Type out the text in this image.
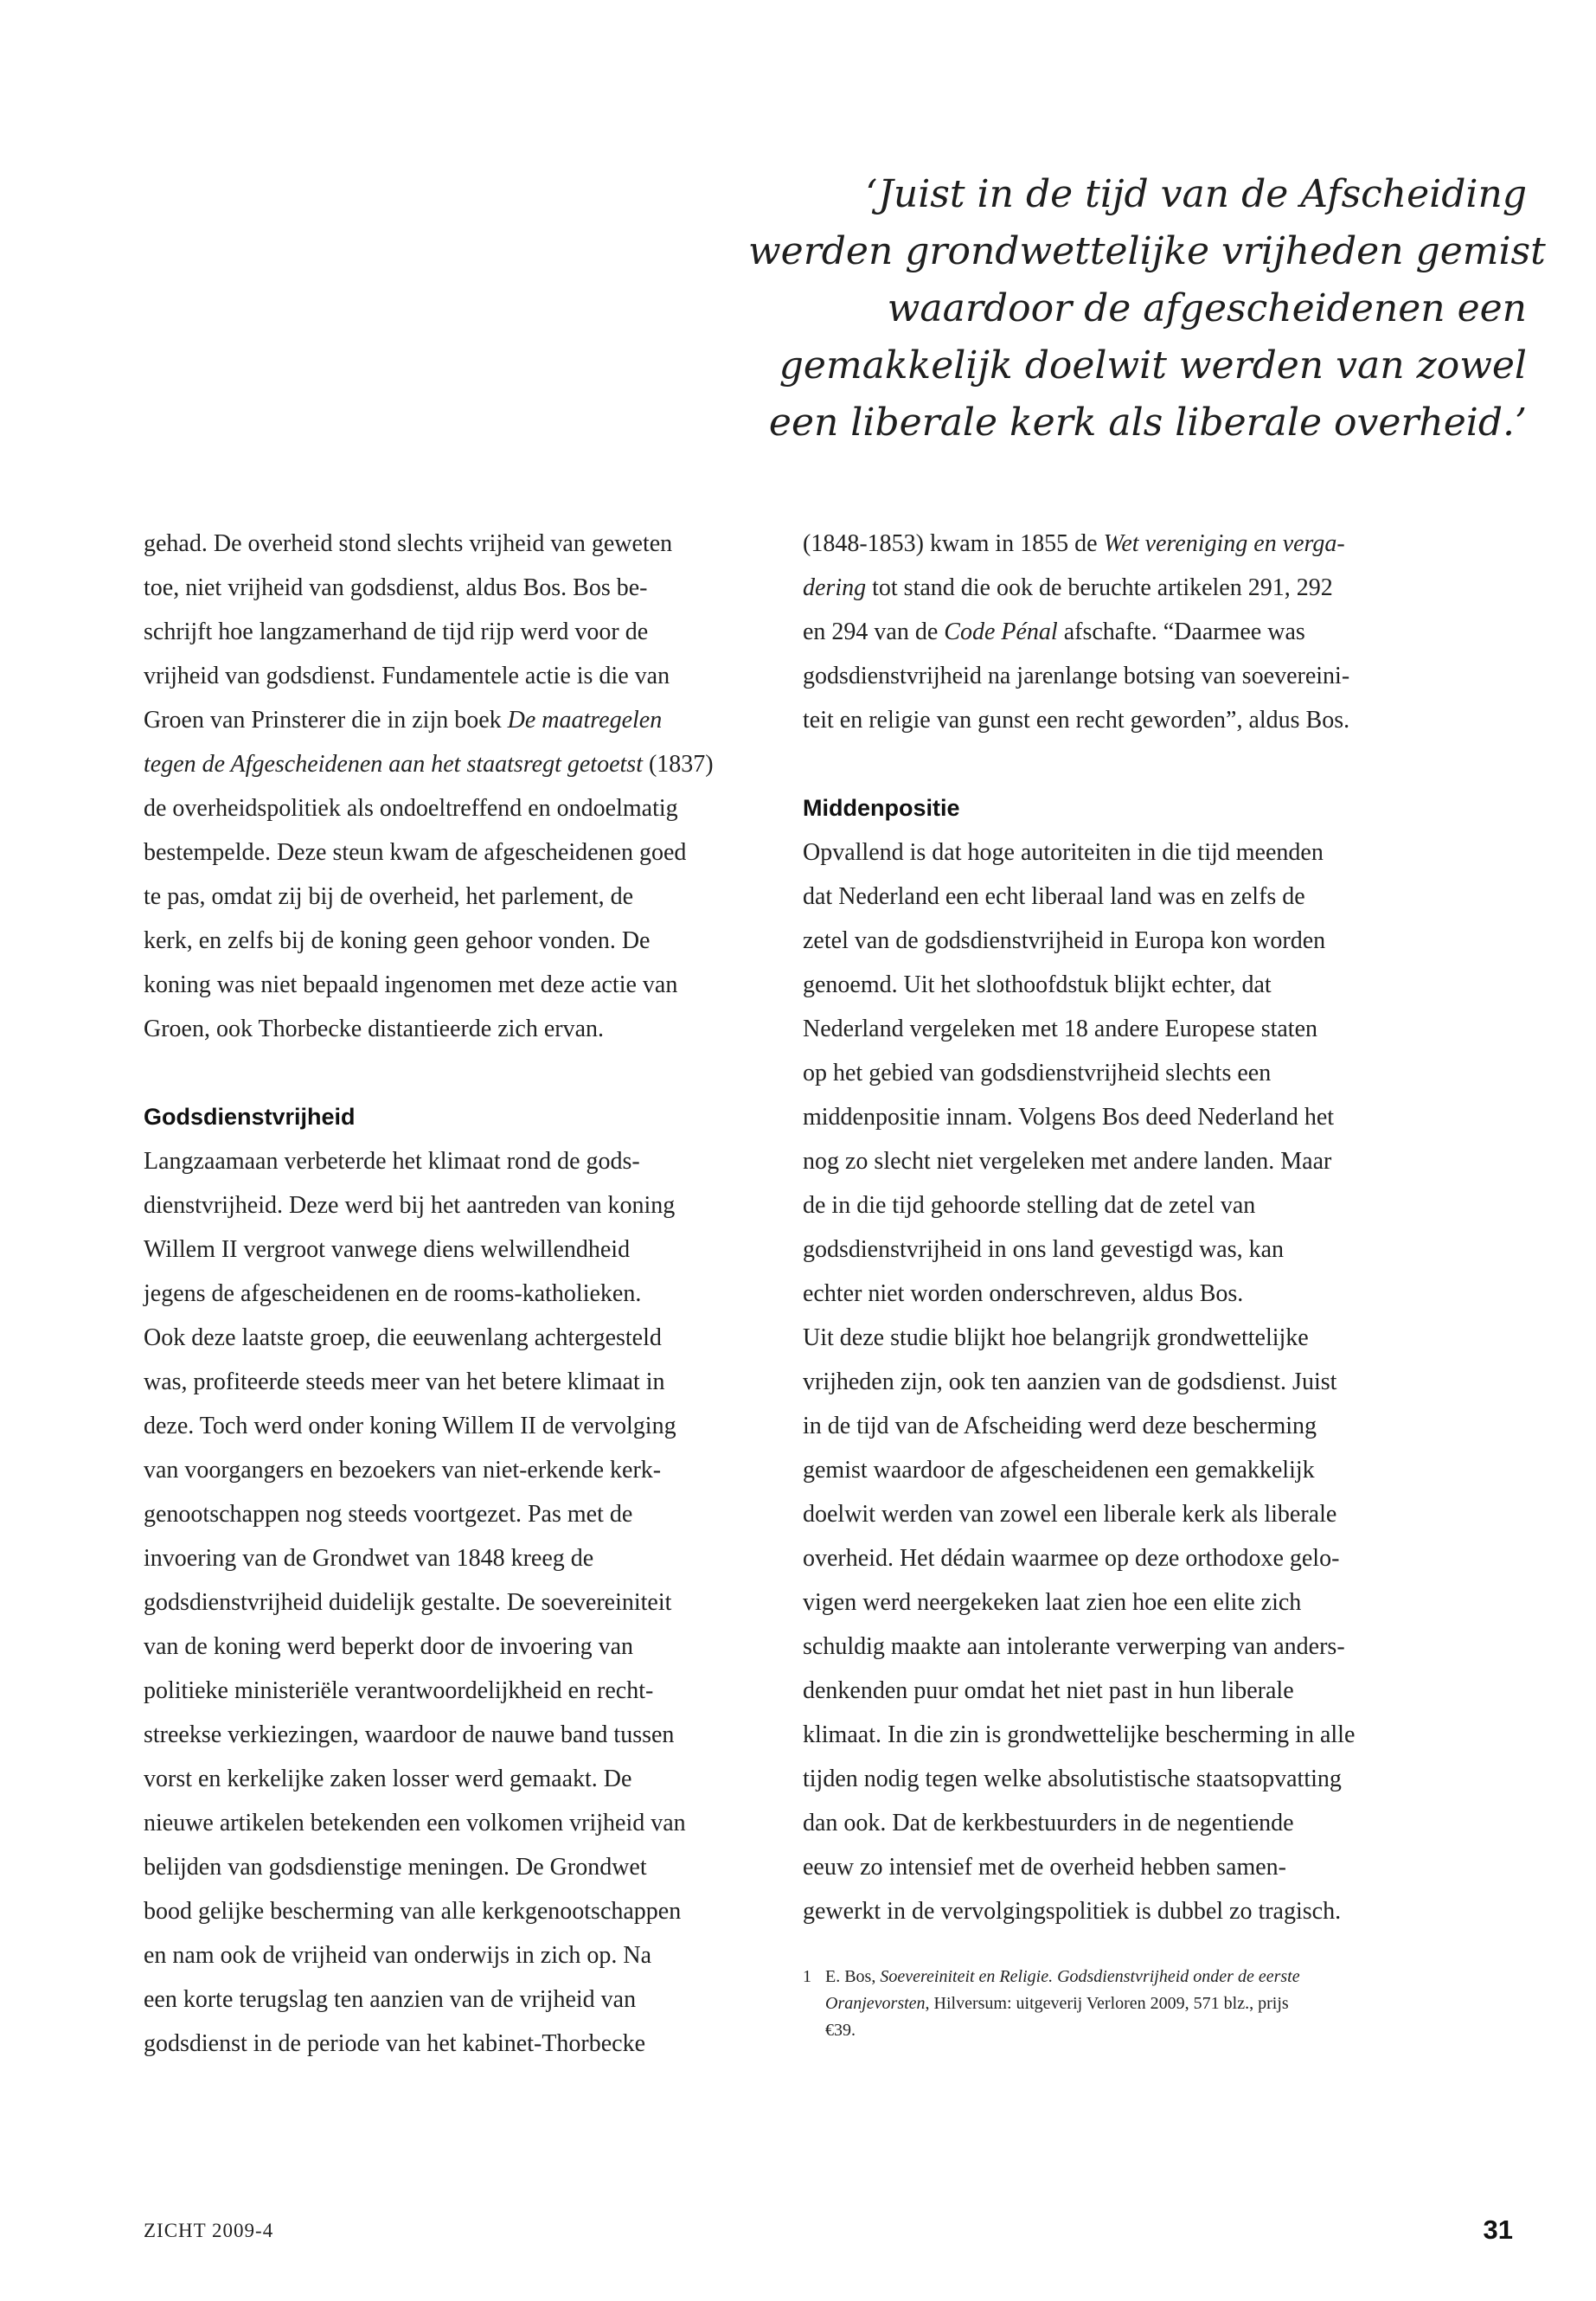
‘Juist in de tijd van de Afscheiding
werden grondwettelijke vrijheden gemist
waardoor de afgescheidenen een
gemakkelijk doelwit werden van zowel
een liberale kerk als liberale overheid.’
gehad. De overheid stond slechts vrijheid van geweten
toe, niet vrijheid van godsdienst, aldus Bos. Bos be-
schrijft hoe langzamerhand de tijd rijp werd voor de
vrijheid van godsdienst. Fundamentele actie is die van
Groen van Prinsterer die in zijn boek De maatregelen
tegen de Afgescheidenen aan het staatsregt getoetst (1837)
de overheidspolitiek als ondoeltreffend en ondoelmatig
bestempelde. Deze steun kwam de afgescheidenen goed
te pas, omdat zij bij de overheid, het parlement, de
kerk, en zelfs bij de koning geen gehoor vonden. De
koning was niet bepaald ingenomen met deze actie van
Groen, ook Thorbecke distantieerde zich ervan.
Godsdienstvrijheid
Langzaamaan verbeterde het klimaat rond de gods-
dienstvrijheid. Deze werd bij het aantreden van koning
Willem II vergroot vanwege diens welwillendheid
jegens de afgescheidenen en de rooms-katholieken.
Ook deze laatste groep, die eeuwenlang achtergesteld
was, profiteerde steeds meer van het betere klimaat in
deze. Toch werd onder koning Willem II de vervolging
van voorgangers en bezoekers van niet-erkende kerk-
genootschappen nog steeds voortgezet. Pas met de
invoering van de Grondwet van 1848 kreeg de
godsdienstvrijheid duidelijk gestalte. De soevereiniteit
van de koning werd beperkt door de invoering van
politieke ministeriële verantwoordelijkheid en recht-
streekse verkiezingen, waardoor de nauwe band tussen
vorst en kerkelijke zaken losser werd gemaakt. De
nieuwe artikelen betekenden een volkomen vrijheid van
belijden van godsdienstige meningen. De Grondwet
bood gelijke bescherming van alle kerkgenootschappen
en nam ook de vrijheid van onderwijs in zich op. Na
een korte terugslag ten aanzien van de vrijheid van
godsdienst in de periode van het kabinet-Thorbecke
(1848-1853) kwam in 1855 de Wet vereniging en verga-
dering tot stand die ook de beruchte artikelen 291, 292
en 294 van de Code Pénal afschafte. “Daarmee was
godsdienstvrijheid na jarenlange botsing van soevereini-
teit en religie van gunst een recht geworden”, aldus Bos.
Middenpositie
Opvallend is dat hoge autoriteiten in die tijd meenden
dat Nederland een echt liberaal land was en zelfs de
zetel van de godsdienstvrijheid in Europa kon worden
genoemd. Uit het slothoofdstuk blijkt echter, dat
Nederland vergeleken met 18 andere Europese staten
op het gebied van godsdienstvrijheid slechts een
middenpositie innam. Volgens Bos deed Nederland het
nog zo slecht niet vergeleken met andere landen. Maar
de in die tijd gehoorde stelling dat de zetel van
godsdienstvrijheid in ons land gevestigd was, kan
echter niet worden onderschreven, aldus Bos.
Uit deze studie blijkt hoe belangrijk grondwettelijke
vrijheden zijn, ook ten aanzien van de godsdienst. Juist
in de tijd van de Afscheiding werd deze bescherming
gemist waardoor de afgescheidenen een gemakkelijk
doelwit werden van zowel een liberale kerk als liberale
overheid. Het dédain waarmee op deze orthodoxe gelo-
vigen werd neergekeken laat zien hoe een elite zich
schuldig maakte aan intolerante verwerping van anders-
denkenden puur omdat het niet past in hun liberale
klimaat. In die zin is grondwettelijke bescherming in alle
tijden nodig tegen welke absolutistische staatsopvatting
dan ook. Dat de kerkbestuurders in de negentiende
eeuw zo intensief met de overheid hebben samen-
gewerkt in de vervolgingspolitiek is dubbel zo tragisch.
1 E. Bos, Soevereiniteit en Religie. Godsdienstvrijheid onder de eerste
Oranjevorsten, Hilversum: uitgeverij Verloren 2009, 571 blz., prijs
€39.
ZICHT 2009-4	31
